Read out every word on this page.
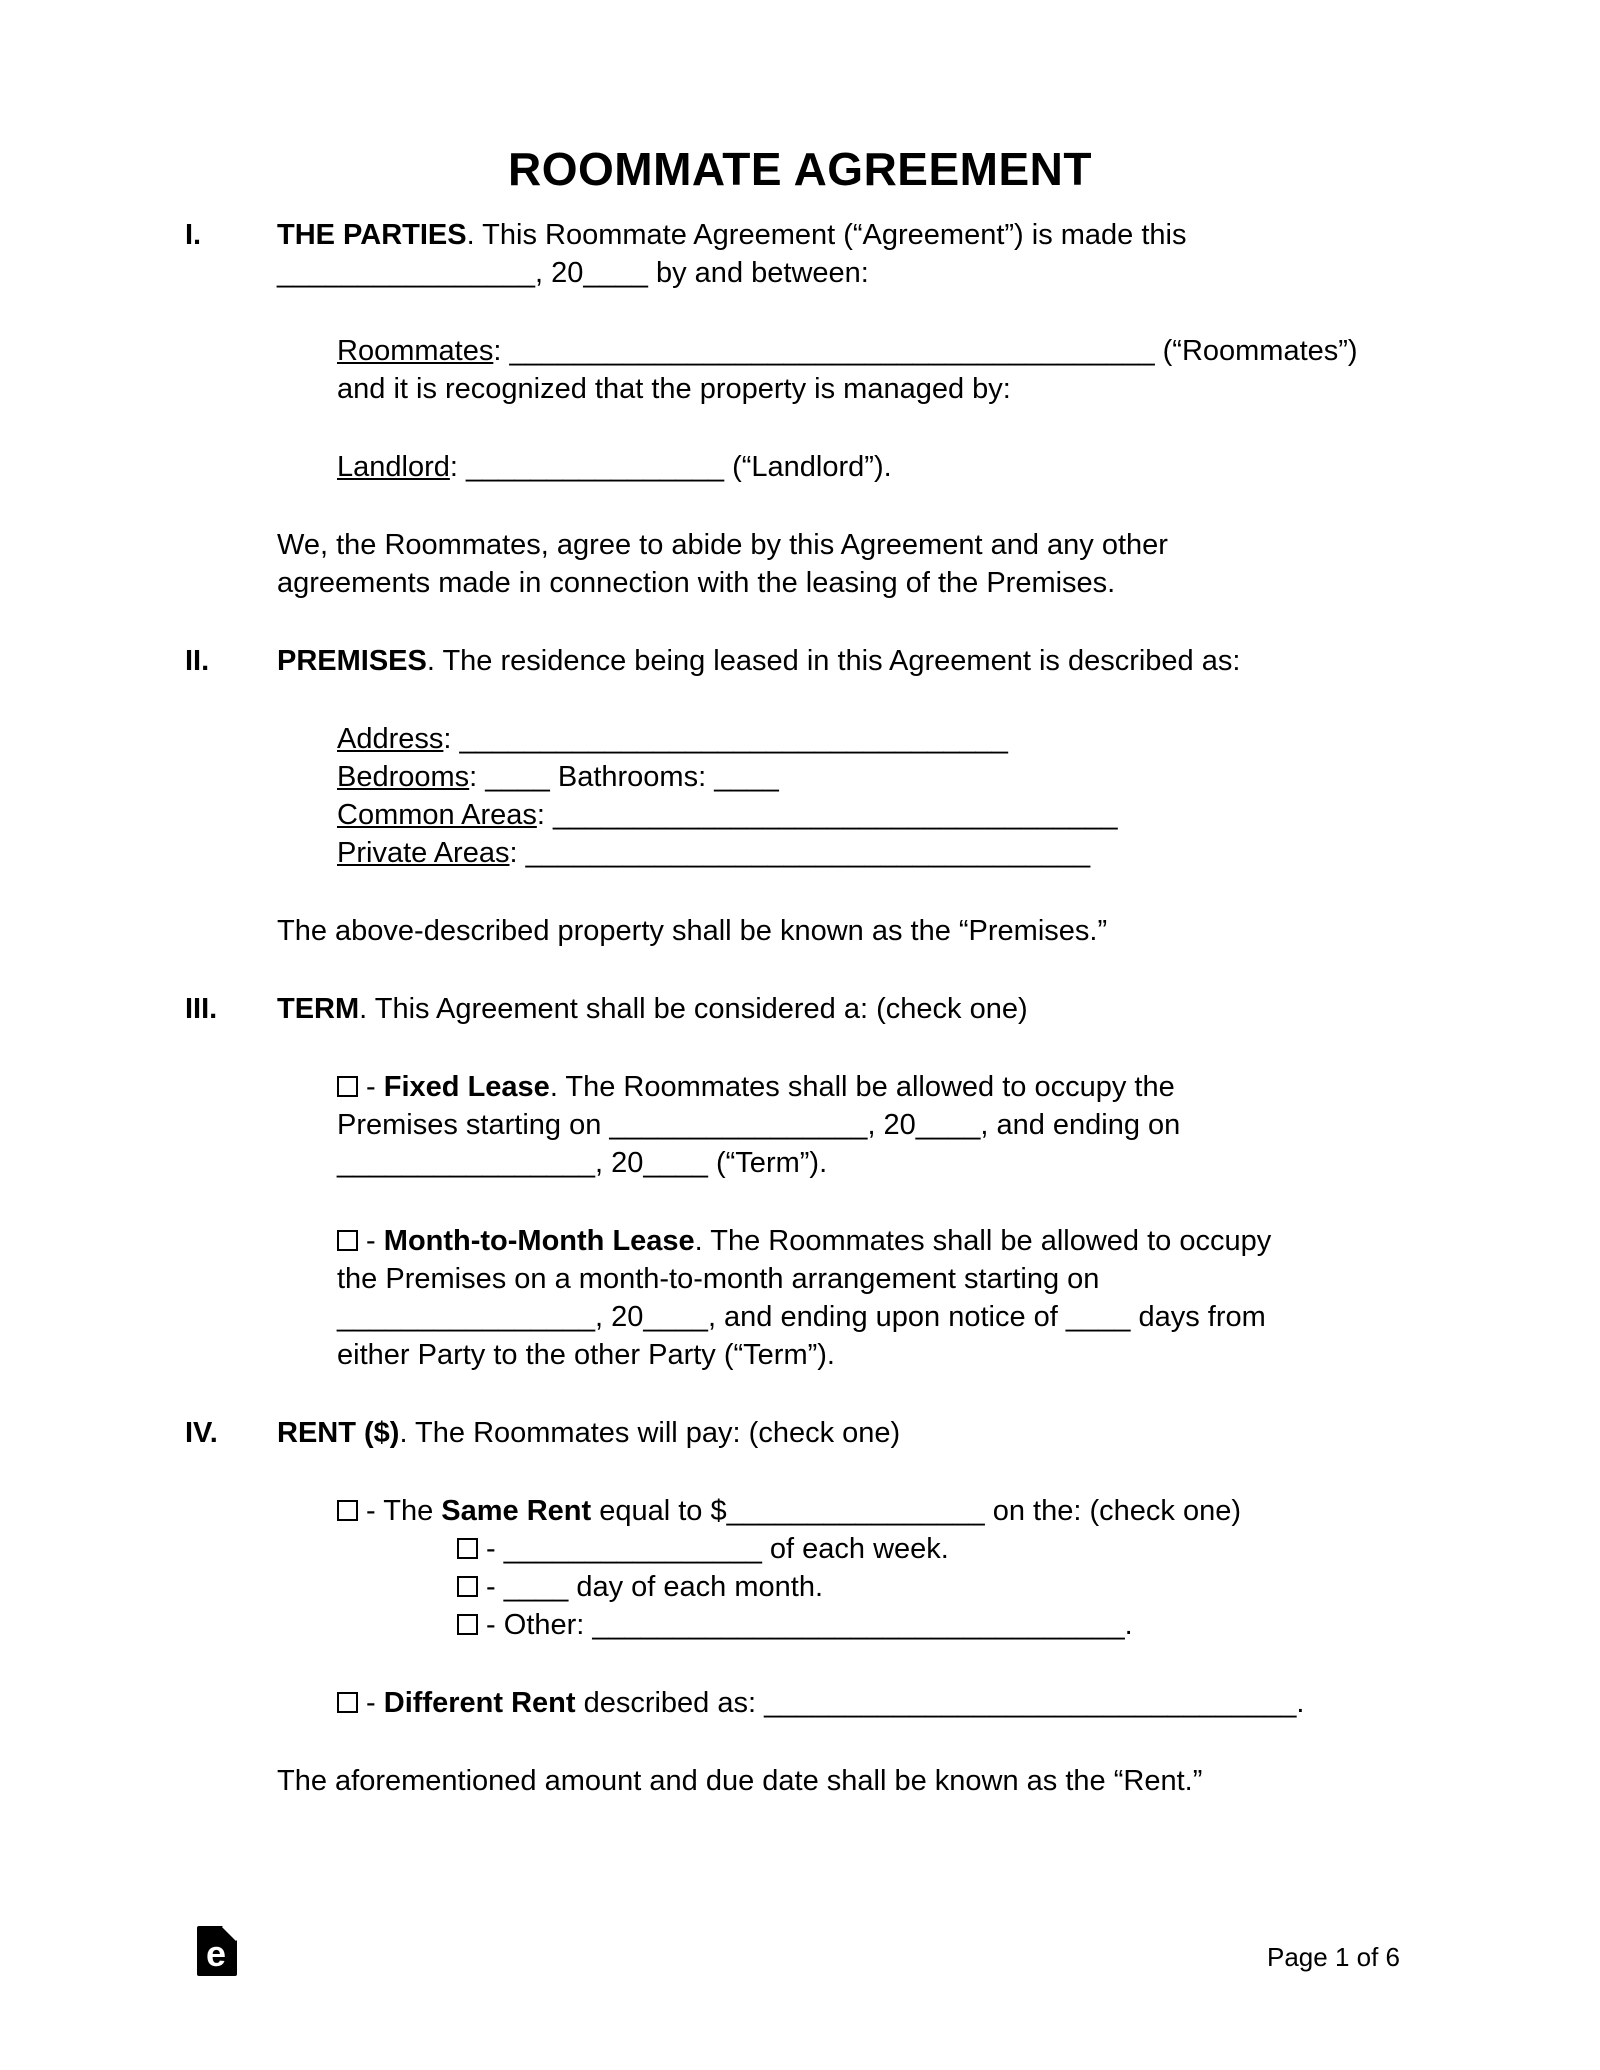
ROOMMATE AGREEMENT
I.	THE PARTIES. This Roommate Agreement (“Agreement”) is made this
________________, 20____ by and between:
Roommates: ________________________________________ (“Roommates”)
and it is recognized that the property is managed by:
Landlord: ________________ (“Landlord”).
We, the Roommates, agree to abide by this Agreement and any other
agreements made in connection with the leasing of the Premises.
II.	PREMISES. The residence being leased in this Agreement is described as:
Address: __________________________________
Bedrooms: ____ Bathrooms: ____
Common Areas: ___________________________________
Private Areas: ___________________________________
The above-described property shall be known as the “Premises.”
III.	TERM. This Agreement shall be considered a: (check one)
- Fixed Lease. The Roommates shall be allowed to occupy the
Premises starting on ________________, 20____, and ending on
________________, 20____ (“Term”).
- Month-to-Month Lease. The Roommates shall be allowed to occupy
the Premises on a month-to-month arrangement starting on
________________, 20____, and ending upon notice of ____ days from
either Party to the other Party (“Term”).
IV.	RENT ($). The Roommates will pay: (check one)
- The Same Rent equal to $________________ on the: (check one)
- ________________ of each week.
- ____ day of each month.
- Other: _________________________________.
- Different Rent described as: _________________________________.
The aforementioned amount and due date shall be known as the “Rent.”
e	Page 1 of 6
